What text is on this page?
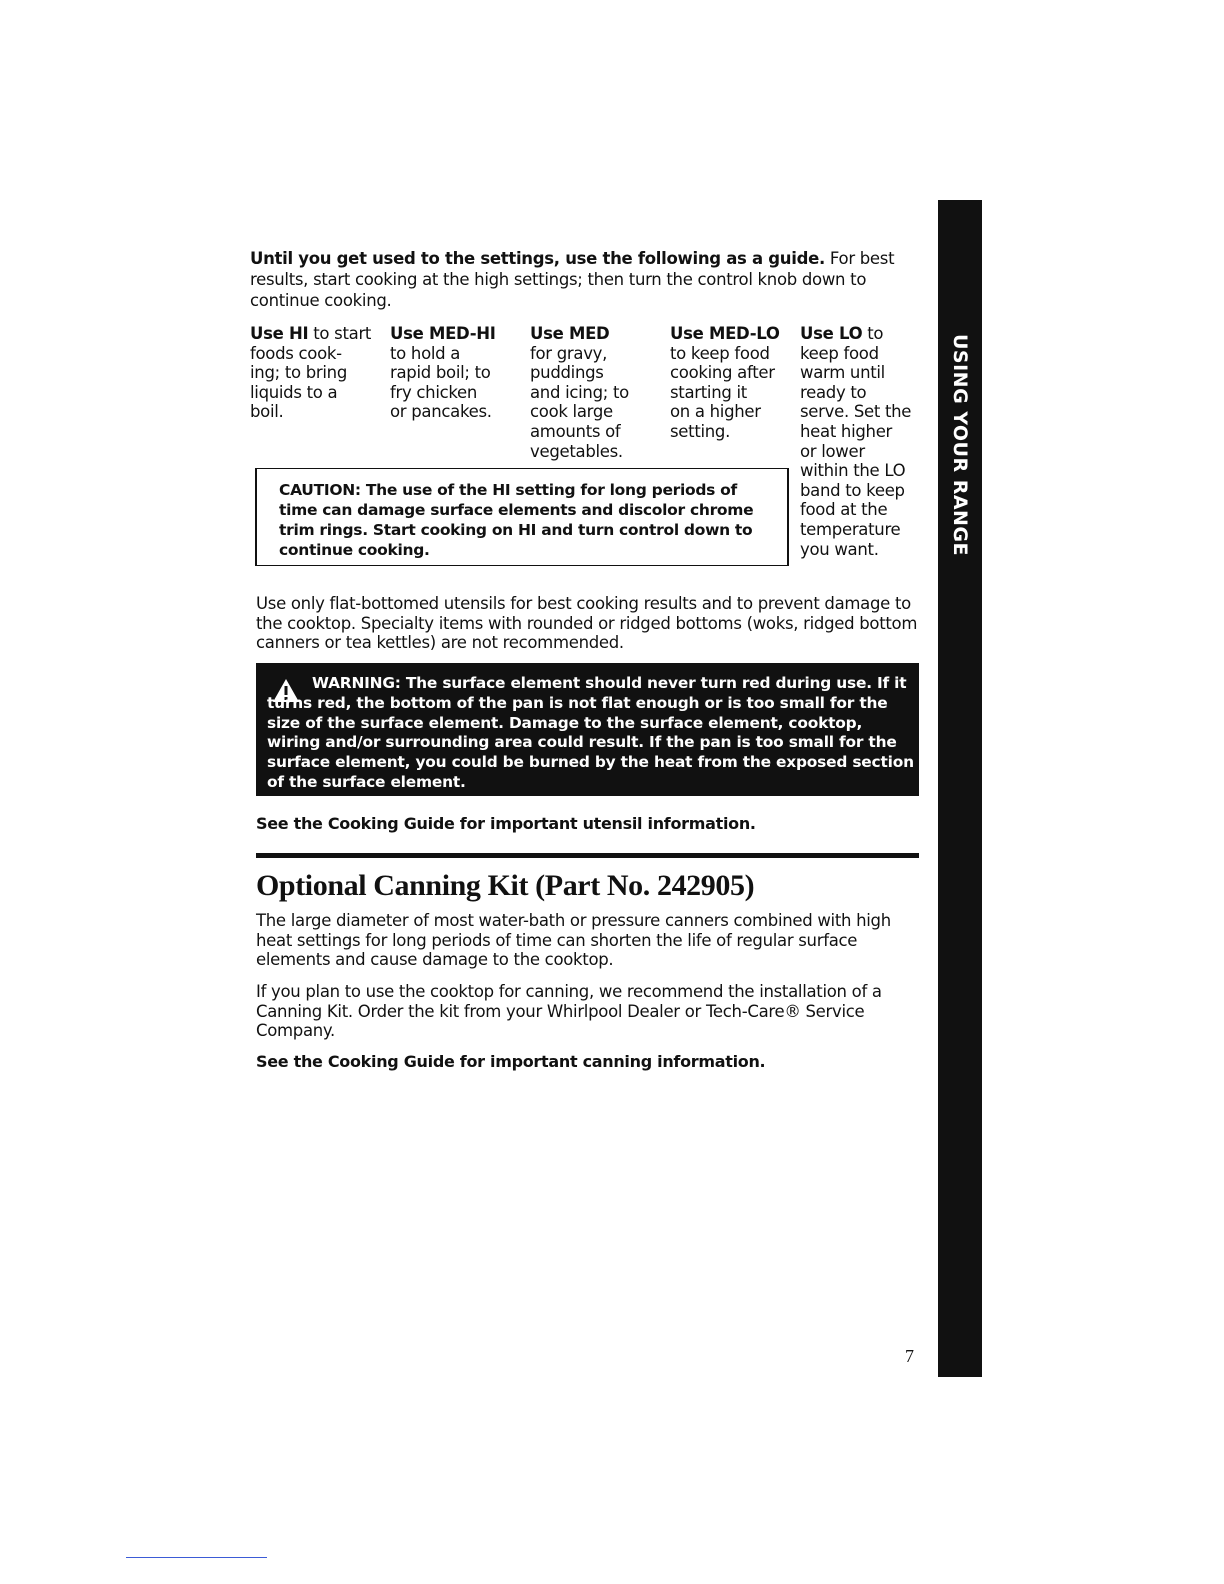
Until you get used to the settings, use the following as a guide. For best results, start cooking at the high settings; then turn the control knob down to continue cooking.
Use HI to start
foods cook-
ing; to bring
liquids to a
boil.
Use MED-HI
to hold a
rapid boil; to
fry chicken
or pancakes.
Use MED
for gravy,
puddings
and icing; to
cook large
amounts of
vegetables.
Use MED-LO
to keep food
cooking after
starting it
on a higher
setting.
Use LO to
keep food
warm until
ready to
serve. Set the
heat higher
or lower
within the LO
band to keep
food at the
temperature
you want.
CAUTION: The use of the HI setting for long periods of time can damage surface elements and discolor chrome trim rings. Start cooking on HI and turn control down to continue cooking.
Use only flat-bottomed utensils for best cooking results and to prevent damage to the cooktop. Specialty items with rounded or ridged bottoms (woks, ridged bottom canners or tea kettles) are not recommended.
WARNING: The surface element should never turn red during use. If it turns red, the bottom of the pan is not flat enough or is too small for the size of the surface element. Damage to the surface element, cooktop, wiring and/or surrounding area could result. If the pan is too small for the surface element, you could be burned by the heat from the exposed section of the surface element.
See the Cooking Guide for important utensil information.
Optional Canning Kit (Part No. 242905)
The large diameter of most water-bath or pressure canners combined with high heat settings for long periods of time can shorten the life of regular surface elements and cause damage to the cooktop.
If you plan to use the cooktop for canning, we recommend the installation of a Canning Kit. Order the kit from your Whirlpool Dealer or Tech-Care® Service Company.
See the Cooking Guide for important canning information.
USING YOUR RANGE
7
